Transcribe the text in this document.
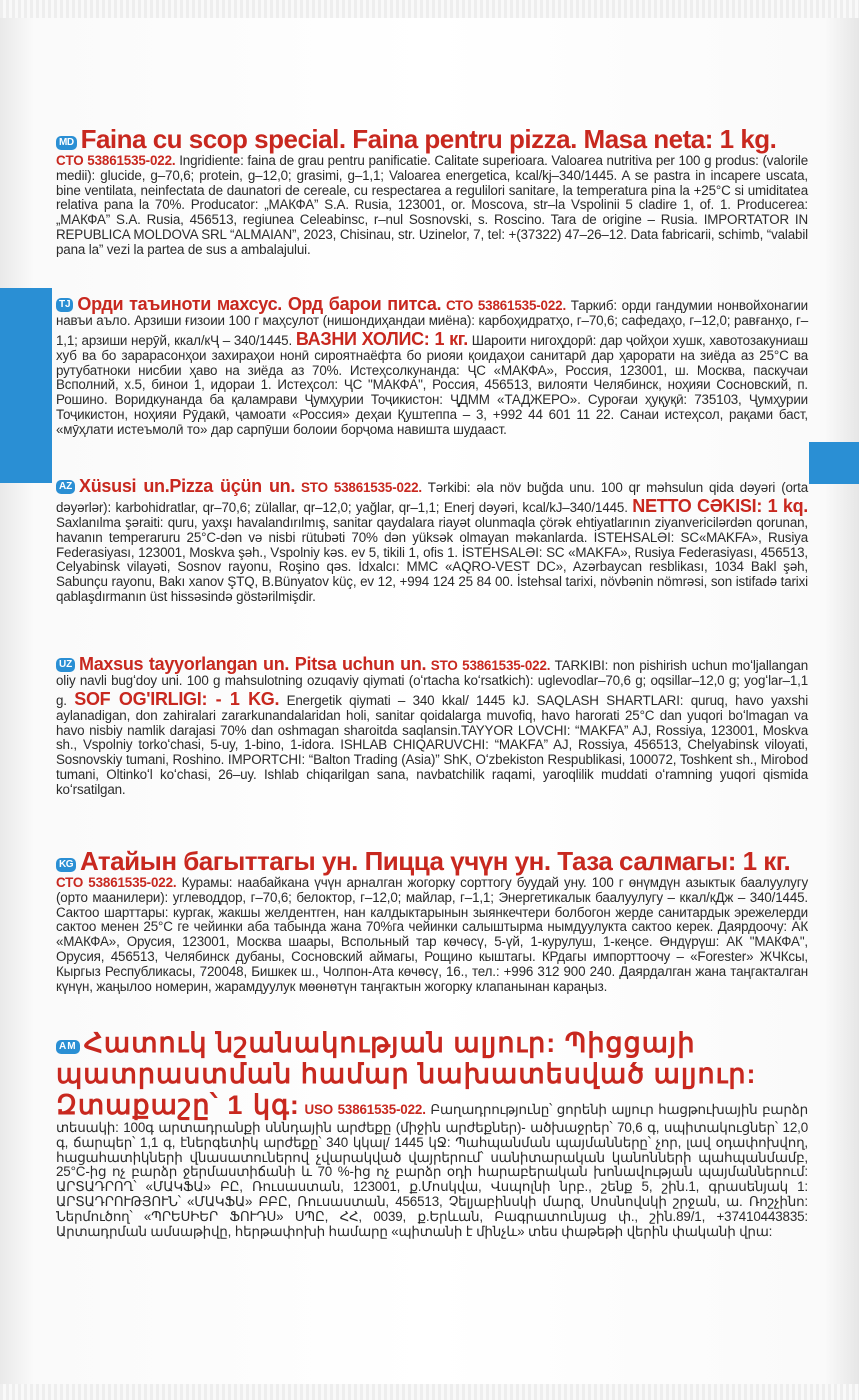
MD Faina cu scop special. Faina pentru pizza. Masa neta: 1 kg.
CTO 53861535-022. Ingridiente: faina de grau pentru panificatie. Calitate superioara. Valoarea nutritiva per 100 g produs: (valorile medii): glucide, g–70,6; protein, g–12,0; grasimi, g–1,1; Valoarea energetica, kcal/kj–340/1445. A se pastra in incapere uscata, bine ventilata, neinfectata de daunatori de cereale, cu respectarea a regulilori sanitare, la temperatura pina la +25°C si umiditatea relativa pana la 70%. Producator: „МАКФА” S.A. Rusia, 123001, or. Moscova, str–la Vspolinii 5 cladire 1, of. 1. Producerea: „МАКФА” S.A. Rusia, 456513, regiunea Celeabinsc, r–nul Sosnovski, s. Roscino. Tara de origine – Rusia. IMPORTATOR IN REPUBLICA MOLDOVA SRL “ALMAIAN”, 2023, Chisinau, str. Uzinelor, 7, tel: +(37322) 47–26–12. Data fabricarii, schimb, “valabil pana la” vezi la partea de sus a ambalajului.
TJ Орди таъиноти махсус. Орд барои питса. СТО 53861535-022. Таркиб: орди гандумии нонвойхонагии навъи аъло. Арзиши ғизоии 100 г маҳсулот (нишондиҳандаи миёна): карбоҳидратҳо, г–70,6; сафедаҳо, г–12,0; равғанҳо, г–1,1; арзиши нерӯй, ккал/кҶ – 340/1445. ВАЗНИ ХОЛИС: 1 кг. Шароити нигоҳдорӣ: дар ҷойҳои хушк, хавотозакуниаш хуб ва бо зарарасонҳои захираҳои нонӣ сироятнаёфта бо риояи қоидаҳои санитарӣ дар ҳарорати на зиёда аз 25°C ва рутубатноки нисбии ҳаво на зиёда аз 70%. Истеҳсолкунанда: ҶС «МАКФА», Россия, 123001, ш. Москва, паскучаи Всполний, х.5, бинои 1, идораи 1. Истеҳсол: ҶС "МАКФА", Россия, 456513, вилояти Челябинск, ноҳияи Сосновский, п. Рошино. Воридкунанда ба қаламрави Ҷумҳурии Тоҷикистон: ҶДММ «ТАДЖЕРО». Суроғаи ҳуқуқӣ: 735103, Ҷумҳурии Тоҷикистон, ноҳияи Рӯдакӣ, ҷамоати «Россия» деҳаи Қуштеппа – 3, +992 44 601 11 22. Санаи истеҳсол, рақами баст, «мӯҳлати истеъмолӣ то» дар сарпӯши болоии борҷома навишта шудааст.
AZ Xüsusi un.Pizza üçün un. STO 53861535-022. Tərkibi: əla növ buğda unu. 100 qr məhsulun qida dəyəri (orta dəyərlər): karbohidratlar, qr–70,6; zülallar, qr–12,0; yağlar, qr–1,1; Enerj dəyəri, kcal/kJ–340/1445. NETTO CƏKISI: 1 kq. Saxlanılma şəraiti: quru, yaxşı havalandırılmış, sanitar qaydalara riayət olunmaqla çörək ehtiyatlarının ziyanvericilərdən qorunan, havanın temperaruru 25°C-dən və nisbi rütubəti 70% dən yüksək olmayan məkanlarda. İSTEHSALƏI: SC«MAKFA», Rusiya Federasiyası, 123001, Moskva şəh., Vspolniy kəs. ev 5, tikili 1, ofis 1. İSTEHSALƏI: SC «MAKFA», Rusiya Federasiyası, 456513, Celyabinsk vilayəti, Sosnov rayonu, Roşino qəs. İdxalcı: MMC «AQRO-VEST DC», Azərbaycan resblikası, 1034 Bakl şəh, Sabunçu rayonu, Bakı xanov ŞTQ, B.Bünyatov küç, ev 12, +994 124 25 84 00. İstehsal tarixi, növbənin nömrəsi, son istifadə tarixi qablaşdırmanın üst hissəsində göstərilmişdir.
UZ Maxsus tayyorlangan un. Pitsa uchun un. STO 53861535-022. TARKIBI: non pishirish uchun moʻljallangan oliy navli bugʻdoy uni. 100 g mahsulotning ozuqaviy qiymati (oʻrtacha koʻrsatkich): uglevodlar–70,6 g; oqsillar–12,0 g; yogʻlar–1,1 g. SOF OG'IRLIGI: - 1 KG. Energetik qiymati – 340 kkal/ 1445 kJ. SAQLASH SHARTLARI: quruq, havo yaxshi aylanadigan, don zahiralari zararkunandalaridan holi, sanitar qoidalarga muvofiq, havo harorati 25°C dan yuqori boʻlmagan va havo nisbiy namlik darajasi 70% dan oshmagan sharoitda saqlansin.TAYYOR LOVCHI: “MAKFA” AJ, Rossiya, 123001, Moskva sh., Vspolniy torkoʻchasi, 5-uy, 1-bino, 1-idora. ISHLAB CHIQARUVCHI: “MAKFA” AJ, Rossiya, 456513, Chelyabinsk viloyati, Sosnovskiy tumani, Roshino. IMPORTCHI: “Balton Trading (Asia)” ShK, Oʻzbekiston Respublikasi, 100072, Toshkent sh., Mirobod tumani, Oltinkoʻl koʻchasi, 26–uy. Ishlab chiqarilgan sana, navbatchilik raqami, yaroqlilik muddati oʻramning yuqori qismida koʻrsatilgan.
KG Атайын багыттагы ун. Пицца үчүн ун. Таза салмагы: 1 кг.
СТО 53861535-022. Курамы: наабайкана үчүн арналган жогорку сорттогу буудай уну. 100 г өнүмдүн азыктык баалуулугу (орто маанилери): углеводдор, г–70,6; белоктор, г–12,0; майлар, г–1,1; Энергетикалык баалуулугу – ккал/кДж – 340/1445. Сактоо шарттары: кургак, жакшы желдентген, нан калдыктарынын зыянкечтери болбогон жерде санитардык эрежелерди сактоо менен 25°C ге чейинки аба табында жана 70%га чейинки салыштырма нымдуулукта сактоо керек. Даярдоочу: АК «МАКФА», Орусия, 123001, Москва шаары, Вспольный тар көчөсү, 5-үй, 1-курулуш, 1-кеңсе. Өндүрүш: АК "МАКФА", Орусия, 456513, Челябинск дубаны, Сосновский аймагы, Рощино кыштагы. КРдагы импорттоочу – «Forester» ЖЧКсы, Кыргыз Республикасы, 720048, Бишкек ш., Чолпон-Ата көчөсү, 16., тел.: +996 312 900 240. Даярдалган жана таңгакталган күнүн, жаңылоо номерин, жарамдуулук мөөнөтүн таңгактын жогорку клапанынан караңыз.
AM Հատուկ նշանակության ալյուր: Պիցցայի պատրաստման համար նախատեսված ալյուր:
Զտաքաշը՝ 1 կգ: USO 53861535-022. Բաղադրությունը՝ ցորենի ալյուր հացթուխային բարձր տեսակի: 100գ արտադրանքի սննդային արժեքը (միջին արժեքներ)- ածխաջրեր՝ 70,6 գ, սպիտակուցներ՝ 12,0 գ, ճարպեր՝ 1,1 գ, էներգետիկ արժեքը՝ 340 կկալ/ 1445 կՋ: Պահպանման պայմանները՝ չոր, լավ օդափոխվող, հացահատիկների վնասատուներով չվարակված վայրերում՝ սանիտարական կանոնների պահպանմամբ, 25°C-ից ոչ բարձր ջերմաստիճանի և 70 %-ից ոչ բարձր օդի հարաբերական խոնավության պայմաններում: ԱՐՏԱԴՐՈՂ՝ «ՄԱԿՖԱ» ԲԸ, Ռուսաստան, 123001, ք.Մոսկվա, Վսպոլնի նրբ., շենք 5, շին.1, գրասենյակ 1: ԱՐՏԱԴՐՈՒԹՅՈՒՆ՝ «ՄԱԿՖԱ» ԲԲԸ, Ռուսաստան, 456513, Չելյաբինսկի մարզ, Սոսնովսկի շրջան, ա. Ռոշչինո: Ներմուծող՝ «ՊՐԵՍԻԵՐ ՖՈՒԴՍ» ՍՊԸ, ՀՀ, 0039, ք.Երևան, Բագրատունյաց փ., շին.89/1, +37410443835: Արտադրման ամսաթիվը, հերթափոխի համարը «պիտանի է մինչև» տես փաթեթի վերին փականի վրա:
